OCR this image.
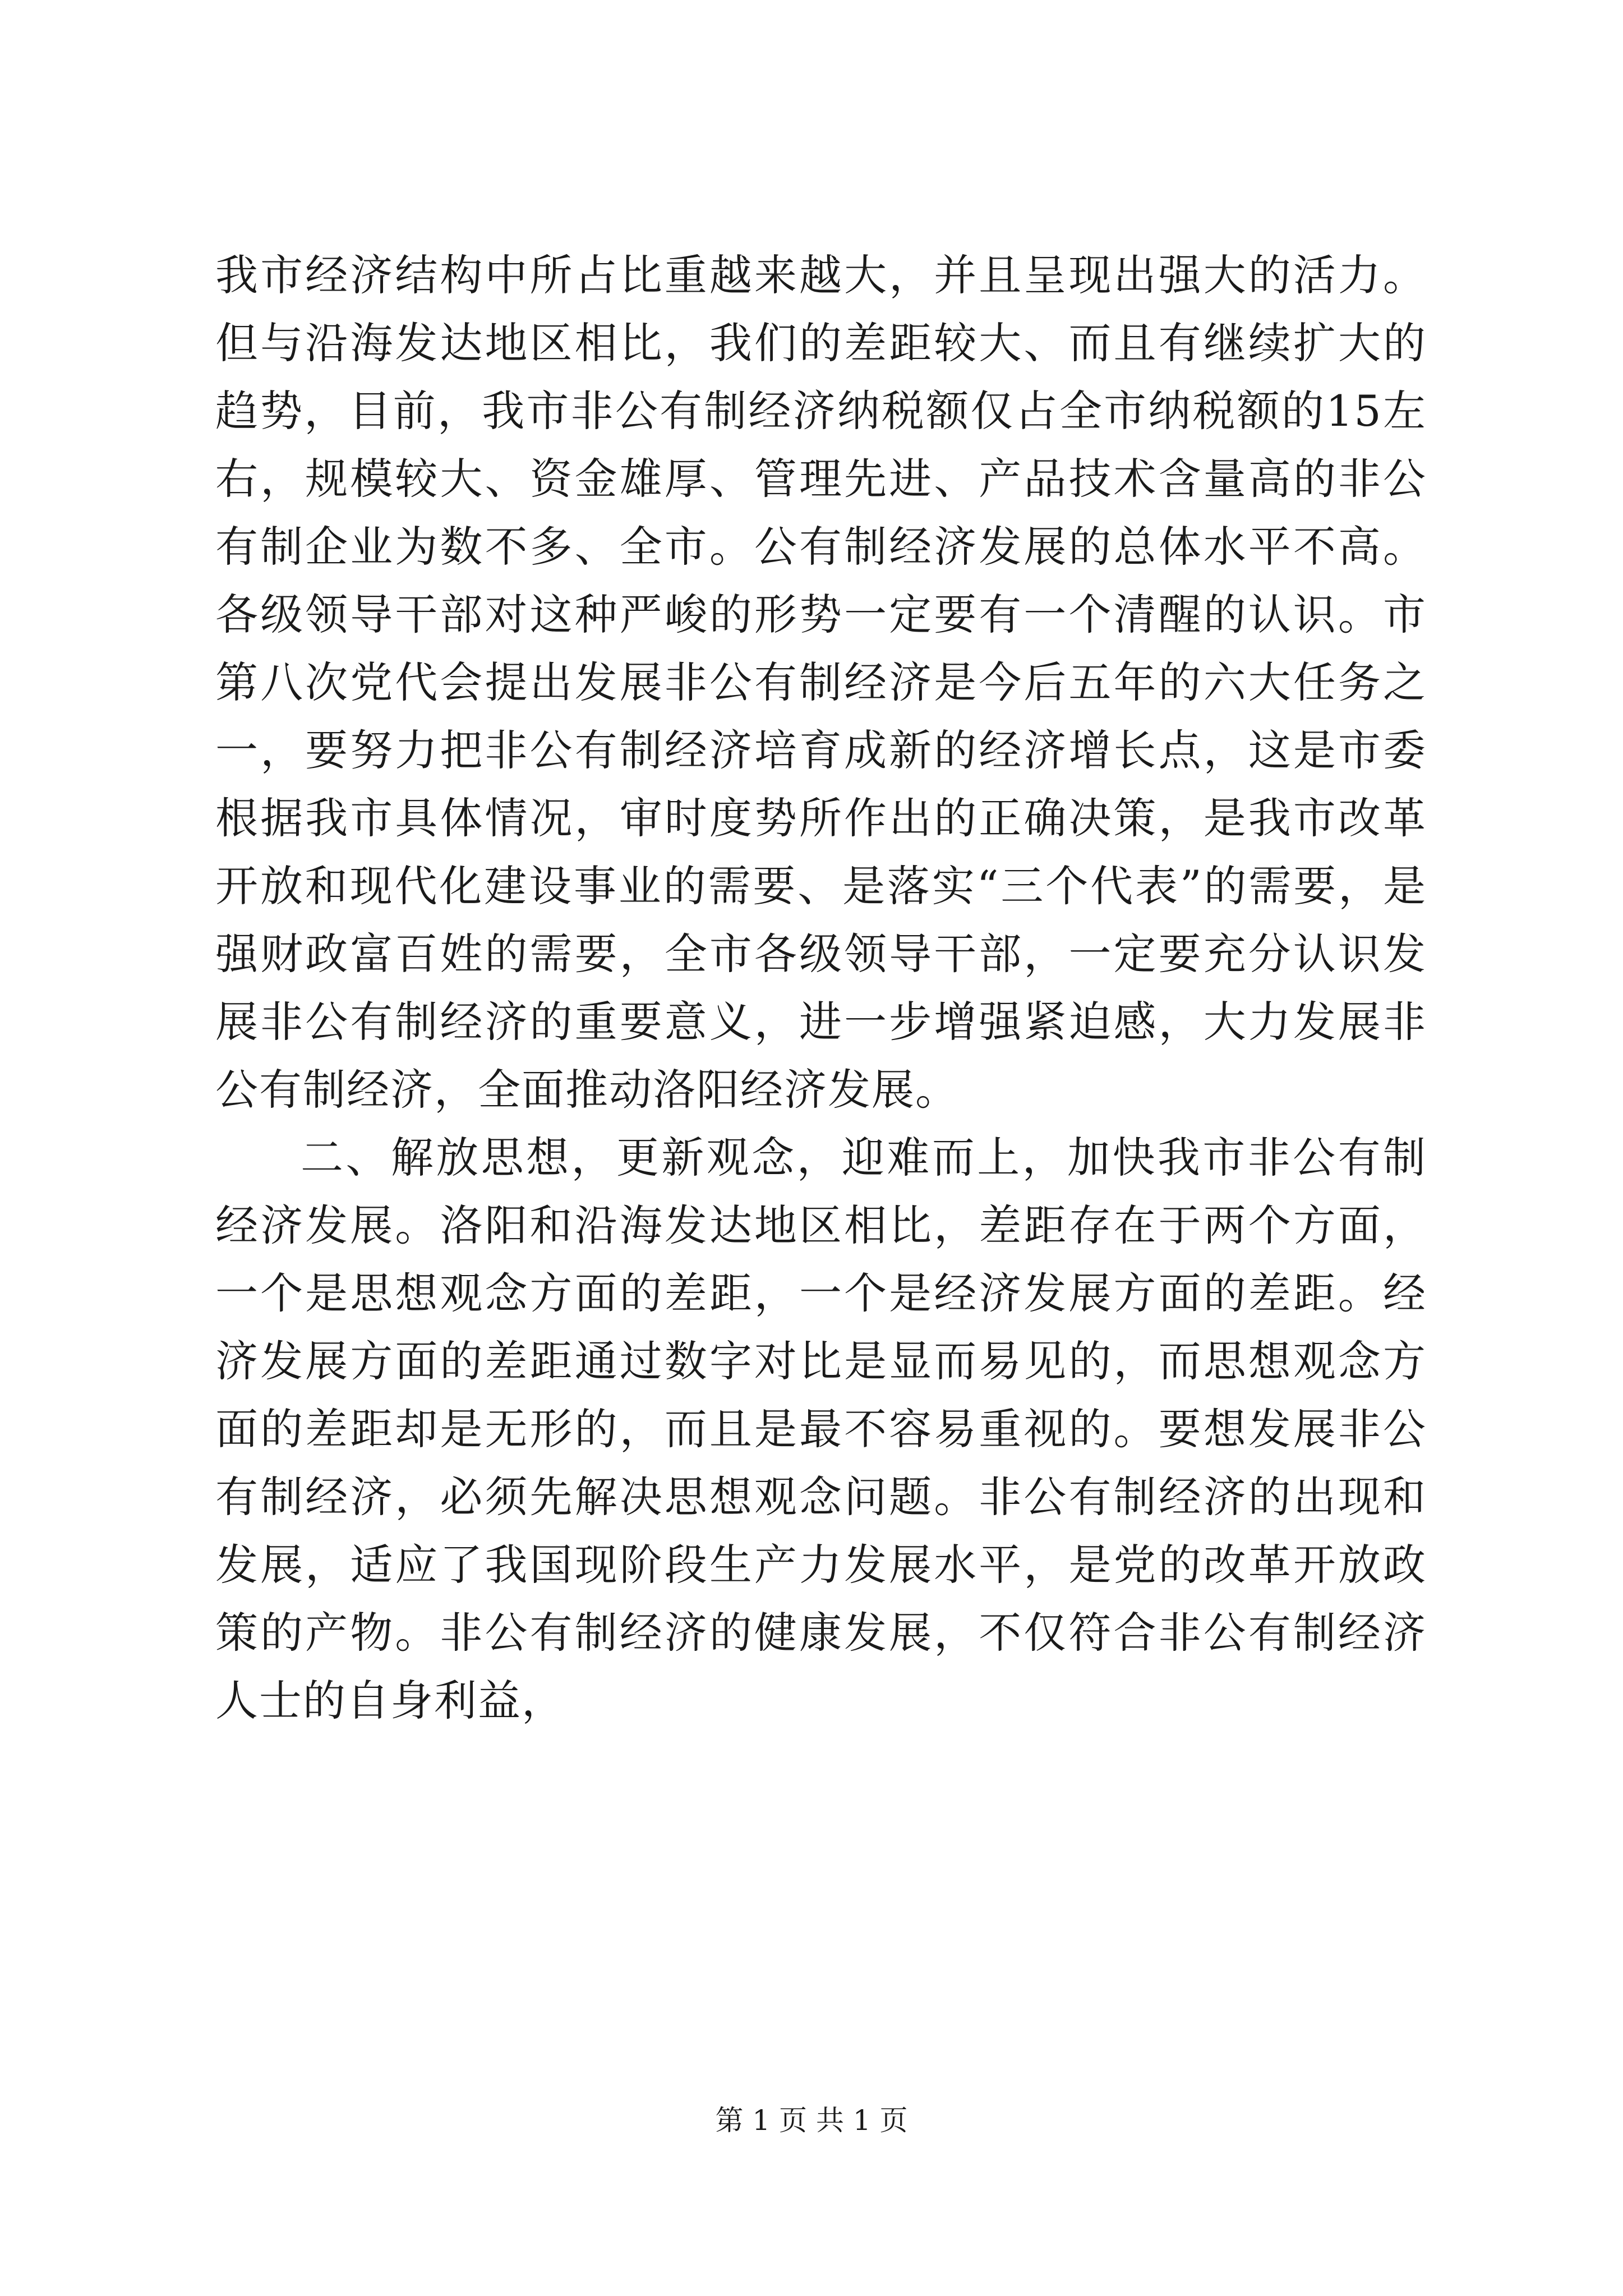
我市经济结构中所占比重越来越大，并且呈现出强大的活力。但与沿海发达地区相比，我们的差距较大、而且有继续扩大的趋势，目前，我市非公有制经济纳税额仅占全市纳税额的15左右，规模较大、资金雄厚、管理先进、产品技术含量高的非公有制企业为数不多、全市。公有制经济发展的总体水平不高。各级领导干部对这种严峻的形势一定要有一个清醒的认识。市第八次党代会提出发展非公有制经济是今后五年的六大任务之一，要努力把非公有制经济培育成新的经济增长点，这是市委根据我市具体情况，审时度势所作出的正确决策，是我市改革开放和现代化建设事业的需要、是落实“三个代表”的需要，是强财政富百姓的需要，全市各级领导干部，一定要充分认识发展非公有制经济的重要意义，进一步增强紧迫感，大力发展非公有制经济，全面推动洛阳经济发展。

二、解放思想，更新观念，迎难而上，加快我市非公有制经济发展。洛阳和沿海发达地区相比，差距存在于两个方面，一个是思想观念方面的差距，一个是经济发展方面的差距。经济发展方面的差距通过数字对比是显而易见的，而思想观念方面的差距却是无形的，而且是最不容易重视的。要想发展非公有制经济，必须先解决思想观念问题。非公有制经济的出现和发展，适应了我国现阶段生产力发展水平，是党的改革开放政策的产物。非公有制经济的健康发展，不仅符合非公有制经济人士的自身利益，

第 1 页 共 1 页
